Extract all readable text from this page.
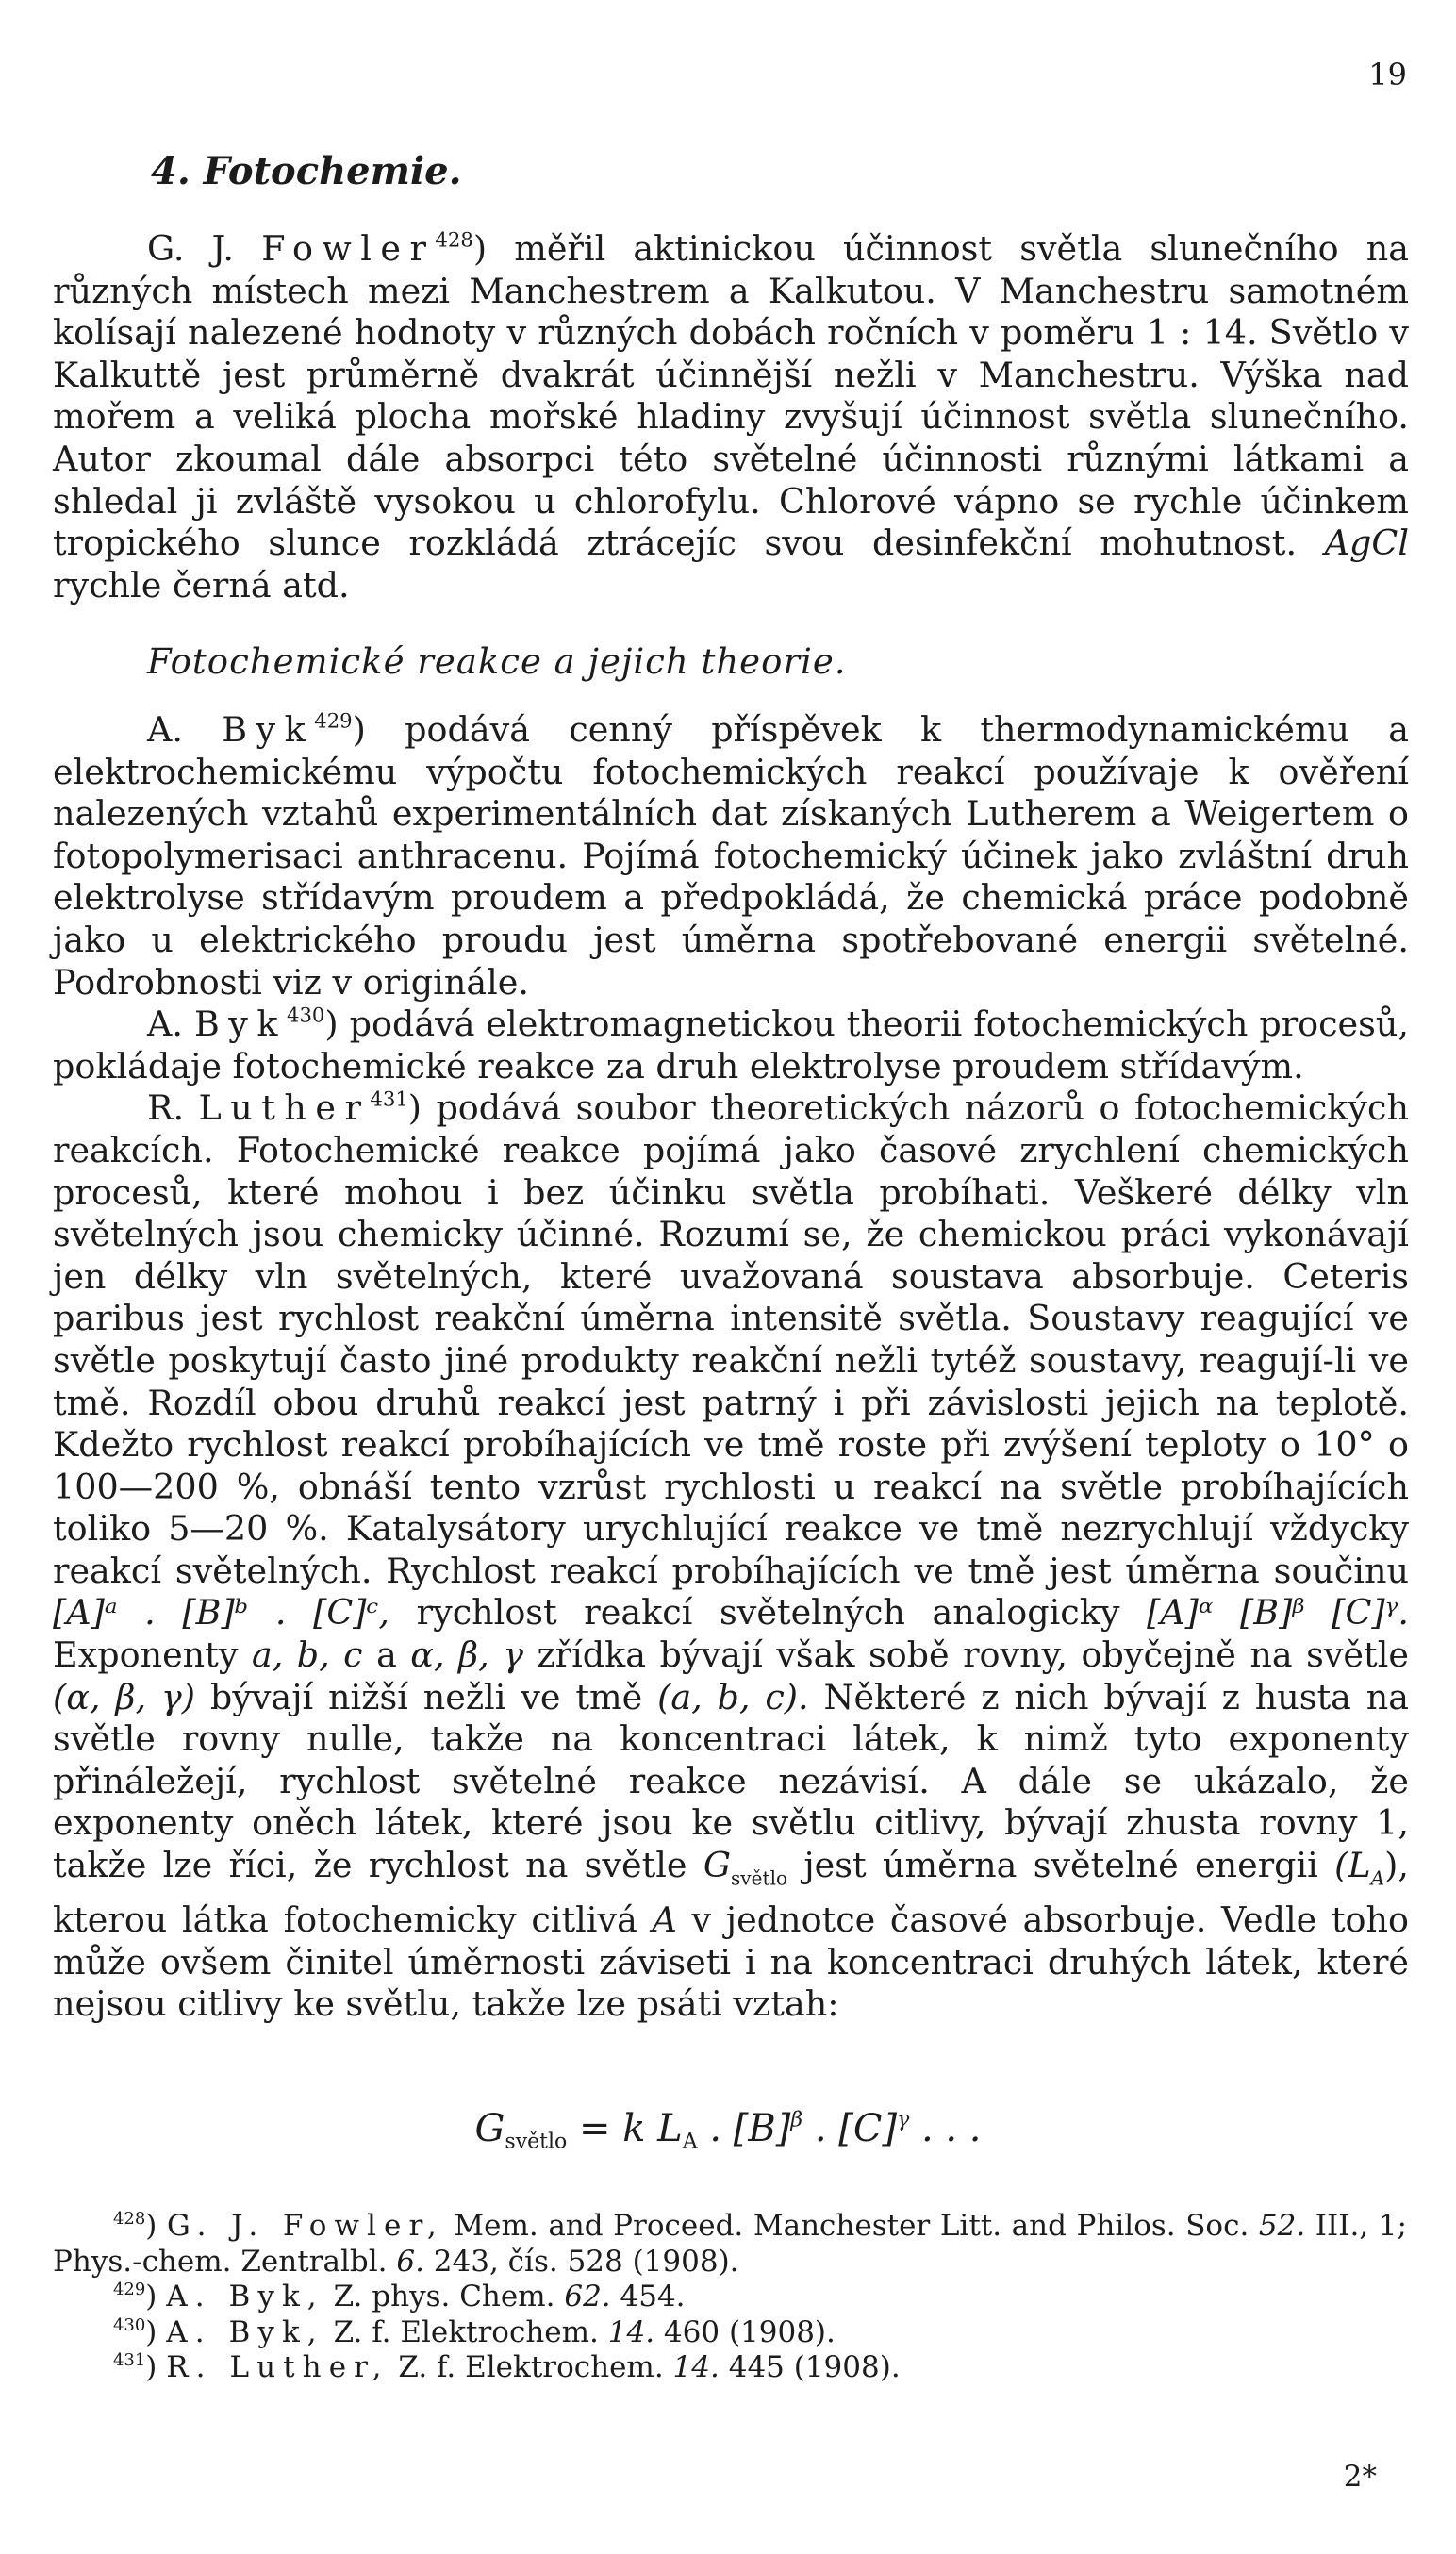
19
4. Fotochemie.

G. J. Fowler$^{428}$) měřil aktinickou účinnost světla slunečního na různých místech mezi Manchestrem a Kalkutou. V Manchestru samotném kolísají nalezené hodnoty v různých dobách ročních v poměru 1 : 14. Světlo v Kalkuttě jest průměrně dvakrát účinnější nežli v Manchestru. Výška nad mořem a veliká plocha mořské hladiny zvyšují účinnost světla slunečního. Autor zkoumal dále absorpci této světelné účinnosti různými látkami a shledal ji zvláště vysokou u chlorofylu. Chlorové vápno se rychle účinkem tropického slunce rozkládá ztrácejíc svou desinfekční mohutnost. AgCl rychle černá atd.

Fotochemické reakce a jejich theorie.

A. Byk$^{429}$) podává cenný příspěvek k thermodynamickému a elektrochemickému výpočtu fotochemických reakcí používaje k ověření nalezených vztahů experimentálních dat získaných Lutherem a Weigertem o fotopolymerisaci anthracenu. Pojímá fotochemický účinek jako zvláštní druh elektrolyse střídavým proudem a předpokládá, že chemická práce podobně jako u elektrického proudu jest úměrna spotřebované energii světelné. Podrobnosti viz v originále.

A. Byk$^{430}$) podává elektromagnetickou theorii fotochemických procesů, pokládaje fotochemické reakce za druh elektrolyse proudem střídavým.

R. Luther$^{431}$) podává soubor theoretických názorů o fotochemických reakcích. Fotochemické reakce pojímá jako časové zrychlení chemických procesů, které mohou i bez účinku světla probíhati. Veškeré délky vln světelných jsou chemicky účinné. Rozumí se, že chemickou práci vykonávají jen délky vln světelných, které uvažovaná soustava absorbuje. Ceteris paribus jest rychlost reakční úměrna intensitě světla. Soustavy reagující ve světle poskytují často jiné produkty reakční nežli tytéž soustavy, reagují-li ve tmě. Rozdíl obou druhů reakcí jest patrný i při závislosti jejich na teplotě. Kdežto rychlost reakcí probíhajících ve tmě roste při zvýšení teploty o 10° o 100—200 %, obnáší tento vzrůst rychlosti u reakcí na světle probíhajících toliko 5—20 %. Katalysátory urychlující reakce ve tmě nezrychlují vždycky reakcí světelných. Rychlost reakcí probíhajících ve tmě jest úměrna součinu [A]ᵃ . [B]ᵇ . [C]ᶜ, rychlost reakcí světelných analogicky [A]ᵅ [B]ᵝ [C]ᵞ. Exponenty a, b, c a α, β, γ zřídka bývají však sobě rovny, obyčejně na světle (α, β, γ) bývají nižší nežli ve tmě (a, b, c). Některé z nich bývají z husta na světle rovny nulle, takže na koncentraci látek, k nimž tyto exponenty přináležejí, rychlost světelné reakce nezávisí. A dále se ukázalo, že exponenty oněch látek, které jsou ke světlu citlivy, bývají zhusta rovny 1, takže lze říci, že rychlost na světle $G_{světlo}$ jest úměrna světelné energii $(L_A)$, kterou látka fotochemicky citlivá A v jednotce časové absorbuje. Vedle toho může ovšem činitel úměrnosti záviseti i na koncentraci druhých látek, které nejsou citlivy ke světlu, takže lze psáti vztah:

$G_{světlo} = k$ $L_A$ . $[B]^\beta$ . $[C]^\gamma$ . . .

$^{428}$) G. J. Fowler, Mem. and Proceed. Manchester Litt. and Philos. Soc. 52. III., 1; Phys.-chem. Zentralbl. 6. 243, čís. 528 (1908).

$^{429}$) A. Byk, Z. phys. Chem. 62. 454.

$^{430}$) A. Byk, Z. f. Elektrochem. 14. 460 (1908).

$^{431}$) R. Luther, Z. f. Elektrochem. 14. 445 (1908).

2*
